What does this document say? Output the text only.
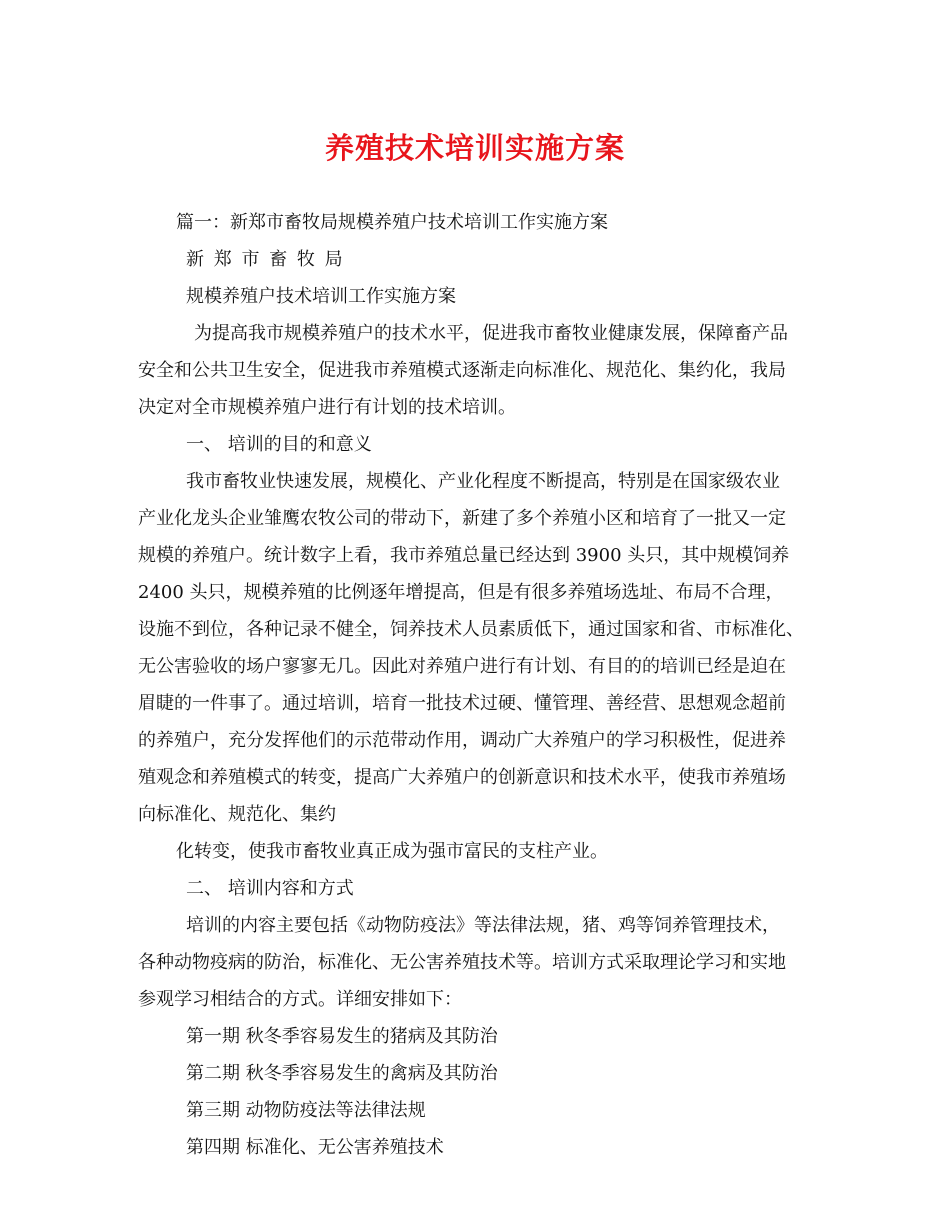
养殖技术培训实施方案
篇一：新郑市畜牧局规模养殖户技术培训工作实施方案
新 郑 市 畜 牧 局
规模养殖户技术培训工作实施方案
为提高我市规模养殖户的技术水平，促进我市畜牧业健康发展，保障畜产品
安全和公共卫生安全，促进我市养殖模式逐渐走向标准化、规范化、集约化，我局
决定对全市规模养殖户进行有计划的技术培训。
一、 培训的目的和意义
我市畜牧业快速发展，规模化、产业化程度不断提高，特别是在国家级农业
产业化龙头企业雏鹰农牧公司的带动下，新建了多个养殖小区和培育了一批又一定
规模的养殖户。统计数字上看，我市养殖总量已经达到 3900 头只，其中规模饲养
2400 头只，规模养殖的比例逐年增提高，但是有很多养殖场选址、布局不合理，
设施不到位，各种记录不健全，饲养技术人员素质低下，通过国家和省、市标准化、
无公害验收的场户寥寥无几。因此对养殖户进行有计划、有目的的培训已经是迫在
眉睫的一件事了。通过培训，培育一批技术过硬、懂管理、善经营、思想观念超前
的养殖户，充分发挥他们的示范带动作用，调动广大养殖户的学习积极性，促进养
殖观念和养殖模式的转变，提高广大养殖户的创新意识和技术水平，使我市养殖场
向标准化、规范化、集约
化转变，使我市畜牧业真正成为强市富民的支柱产业。
二、 培训内容和方式
培训的内容主要包括《动物防疫法》等法律法规，猪、鸡等饲养管理技术，
各种动物疫病的防治，标准化、无公害养殖技术等。培训方式采取理论学习和实地
参观学习相结合的方式。详细安排如下：
第一期 秋冬季容易发生的猪病及其防治
第二期 秋冬季容易发生的禽病及其防治
第三期 动物防疫法等法律法规
第四期 标准化、无公害养殖技术
